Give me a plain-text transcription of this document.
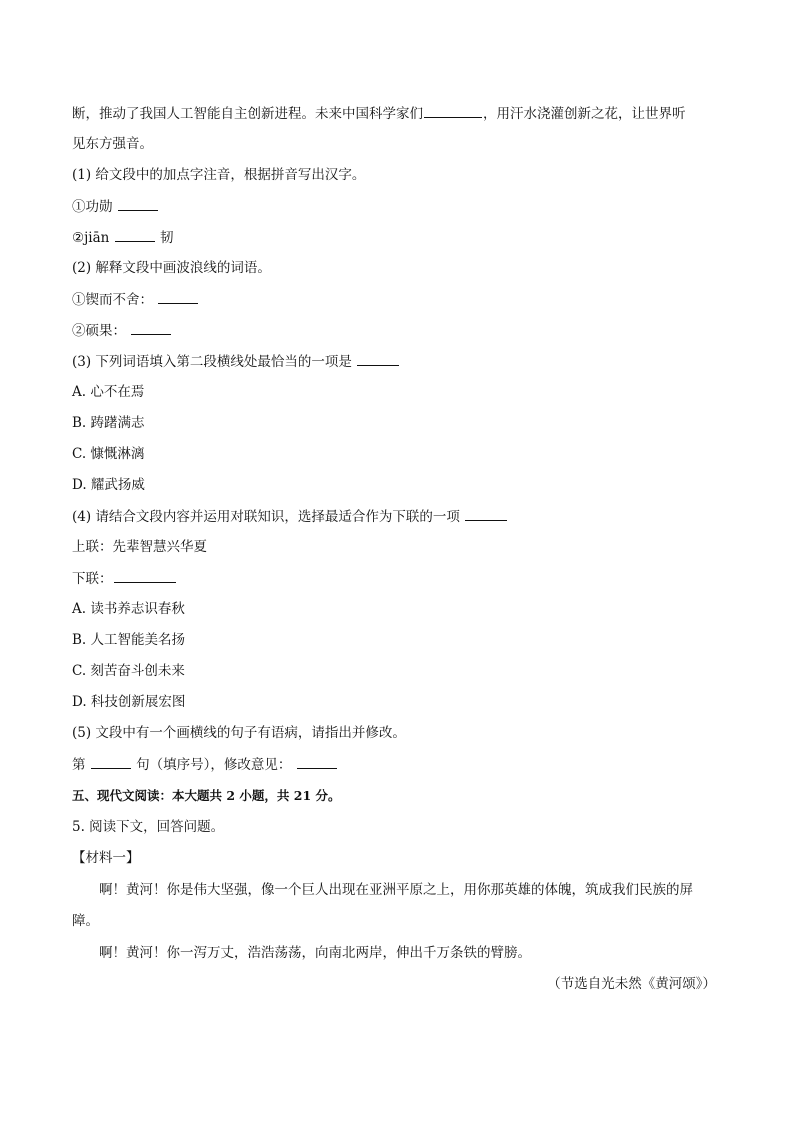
断，推动了我国人工智能自主创新进程。未来中国科学家们	，用汗水浇灌创新之花，让世界听
见东方强音。
(1) 给文段中的加点字注音，根据拼音写出汉字。
①功勋
②jiān	韧
(2) 解释文段中画波浪线的词语。
①锲而不舍：
②硕果：
(3) 下列词语填入第二段横线处最恰当的一项是
A. 心不在焉
B. 踌躇满志
C. 慷慨淋漓
D. 耀武扬威
(4) 请结合文段内容并运用对联知识，选择最适合作为下联的一项
上联：先辈智慧兴华夏
下联：
A. 读书养志识春秋
B. 人工智能美名扬
C. 刻苦奋斗创未来
D. 科技创新展宏图
(5) 文段中有一个画横线的句子有语病，请指出并修改。
第	句（填序号），修改意见：
五、现代文阅读：本大题共 2 小题，共 21 分。
5. 阅读下文，回答问题。
【材料一】
啊！黄河！你是伟大坚强，像一个巨人出现在亚洲平原之上，用你那英雄的体魄，筑成我们民族的屏
障。
啊！黄河！你一泻万丈，浩浩荡荡，向南北两岸，伸出千万条铁的臂膀。
（节选自光未然《黄河颂》）
